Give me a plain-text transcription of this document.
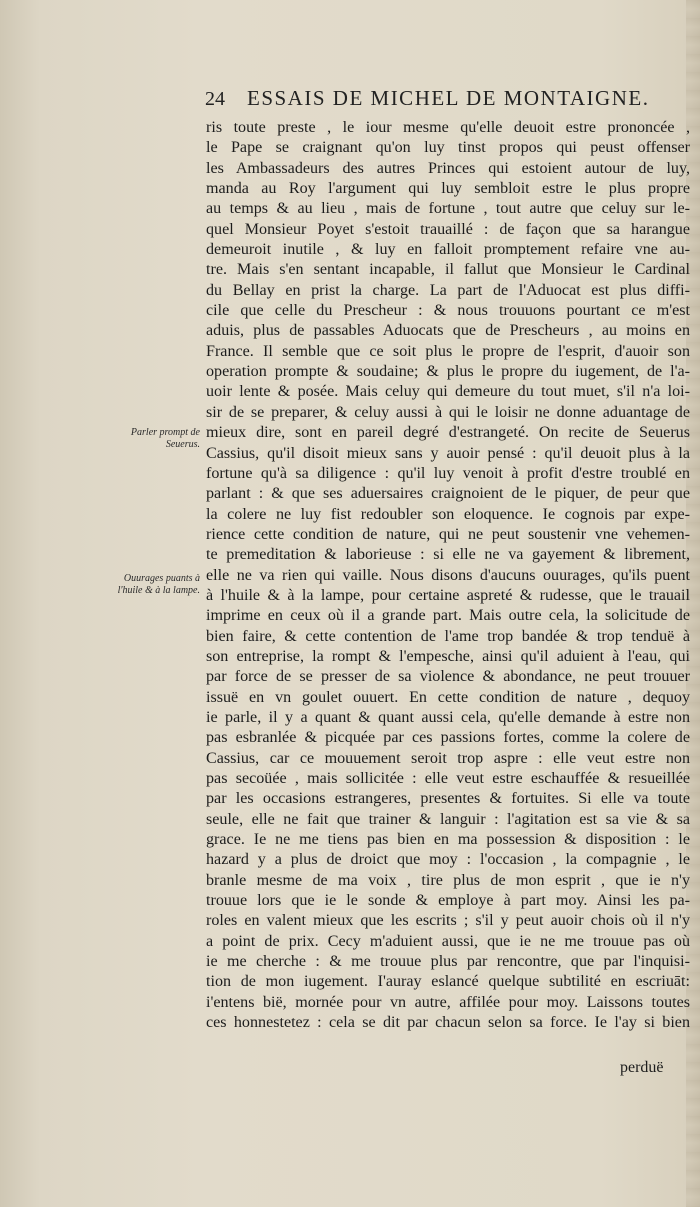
24 ESSAIS DE MICHEL DE MONTAIGNE.
Parler prompt de
Seuerus.
Ouurages puants à
l'huile & à la lampe.
ris toute preste , le iour mesme qu'elle deuoit estre prononcée ,
le Pape se craignant qu'on luy tinst propos qui peust offenser
les Ambassadeurs des autres Princes qui estoient autour de luy,
manda au Roy l'argument qui luy sembloit estre le plus propre
au temps & au lieu , mais de fortune , tout autre que celuy sur le-
quel Monsieur Poyet s'estoit trauaillé : de façon que sa harangue
demeuroit inutile , & luy en falloit promptement refaire vne au-
tre. Mais s'en sentant incapable, il fallut que Monsieur le Cardinal
du Bellay en prist la charge. La part de l'Aduocat est plus diffi-
cile que celle du Prescheur : & nous trouuons pourtant ce m'est
aduis, plus de passables Aduocats que de Prescheurs , au moins en
France. Il semble que ce soit plus le propre de l'esprit, d'auoir son
operation prompte & soudaine; & plus le propre du iugement, de l'a-
uoir lente & posée. Mais celuy qui demeure du tout muet, s'il n'a loi-
sir de se preparer, & celuy aussi à qui le loisir ne donne aduantage de
mieux dire, sont en pareil degré d'estrangeté. On recite de Seuerus
Cassius, qu'il disoit mieux sans y auoir pensé : qu'il deuoit plus à la
fortune qu'à sa diligence : qu'il luy venoit à profit d'estre troublé en
parlant : & que ses aduersaires craignoient de le piquer, de peur que
la colere ne luy fist redoubler son eloquence. Ie cognois par expe-
rience cette condition de nature, qui ne peut soustenir vne vehemen-
te premeditation & laborieuse : si elle ne va gayement & librement,
elle ne va rien qui vaille. Nous disons d'aucuns ouurages, qu'ils puent
à l'huile & à la lampe, pour certaine aspreté & rudesse, que le trauail
imprime en ceux où il a grande part. Mais outre cela, la solicitude de
bien faire, & cette contention de l'ame trop bandée & trop tenduë à
son entreprise, la rompt & l'empesche, ainsi qu'il aduient à l'eau, qui
par force de se presser de sa violence & abondance, ne peut trouuer
issuë en vn goulet ouuert. En cette condition de nature , dequoy
ie parle, il y a quant & quant aussi cela, qu'elle demande à estre non
pas esbranlée & picquée par ces passions fortes, comme la colere de
Cassius, car ce mouuement seroit trop aspre : elle veut estre non
pas secoüée , mais sollicitée : elle veut estre eschauffée & resueillée
par les occasions estrangeres, presentes & fortuites. Si elle va toute
seule, elle ne fait que trainer & languir : l'agitation est sa vie & sa
grace. Ie ne me tiens pas bien en ma possession & disposition : le
hazard y a plus de droict que moy : l'occasion , la compagnie , le
branle mesme de ma voix , tire plus de mon esprit , que ie n'y
trouue lors que ie le sonde & employe à part moy. Ainsi les pa-
roles en valent mieux que les escrits ; s'il y peut auoir chois où il n'y
a point de prix. Cecy m'aduient aussi, que ie ne me trouue pas où
ie me cherche : & me trouue plus par rencontre, que par l'inquisi-
tion de mon iugement. I'auray eslancé quelque subtilité en escriuāt:
i'entens bië, mornée pour vn autre, affilée pour moy. Laissons toutes
ces honnestetez : cela se dit par chacun selon sa force. Ie l'ay si bien
perduë
